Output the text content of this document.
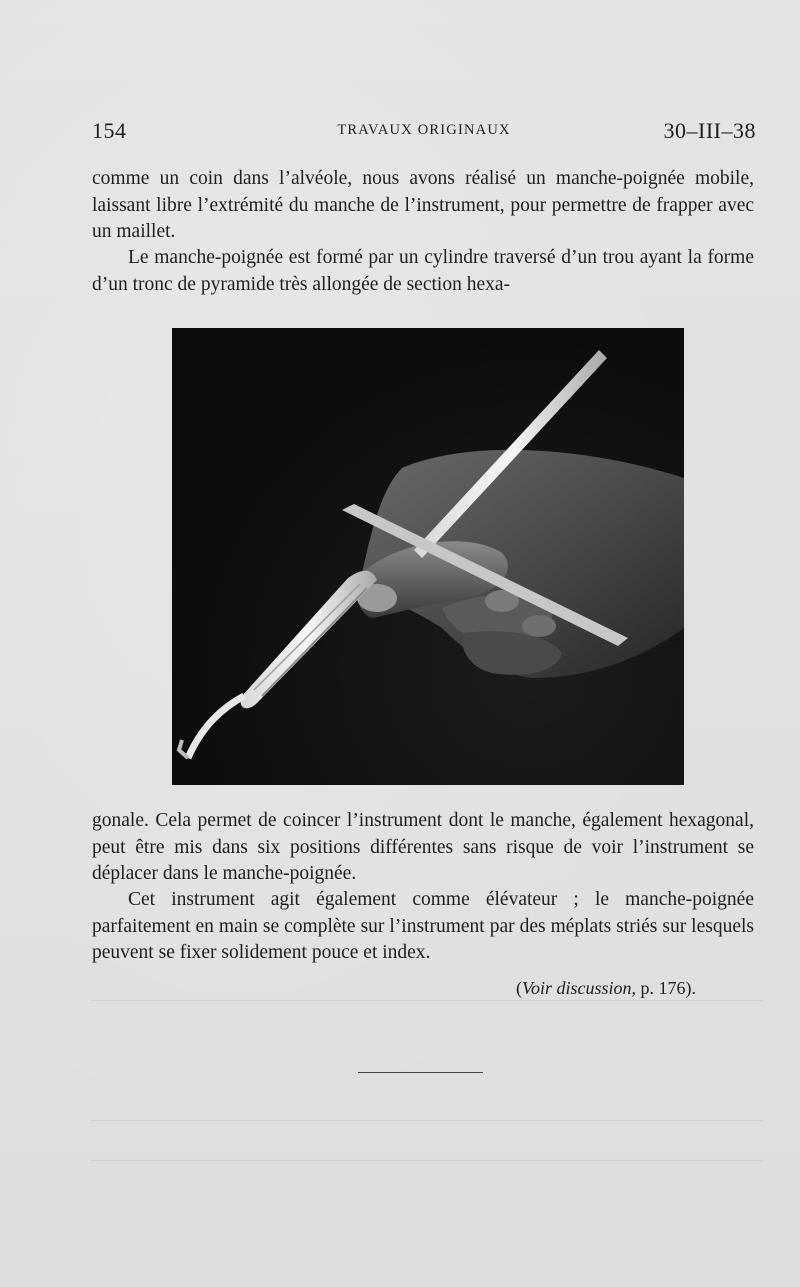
154	TRAVAUX ORIGINAUX	30–III–38

comme un coin dans l’alvéole, nous avons réalisé un manche-poignée mobile, laissant libre l’extrémité du manche de l’instrument, pour permettre de frapper avec un maillet.

Le manche-poignée est formé par un cylindre traversé d’un trou ayant la forme d’un tronc de pyramide très allongée de section hexa-

gonale. Cela permet de coincer l’instrument dont le manche, également hexagonal, peut être mis dans six positions différentes sans risque de voir l’instrument se déplacer dans le manche-poignée.

Cet instrument agit également comme élévateur ; le manche-poignée parfaitement en main se complète sur l’instrument par des méplats striés sur lesquels peuvent se fixer solidement pouce et index.

(Voir discussion, p. 176).
